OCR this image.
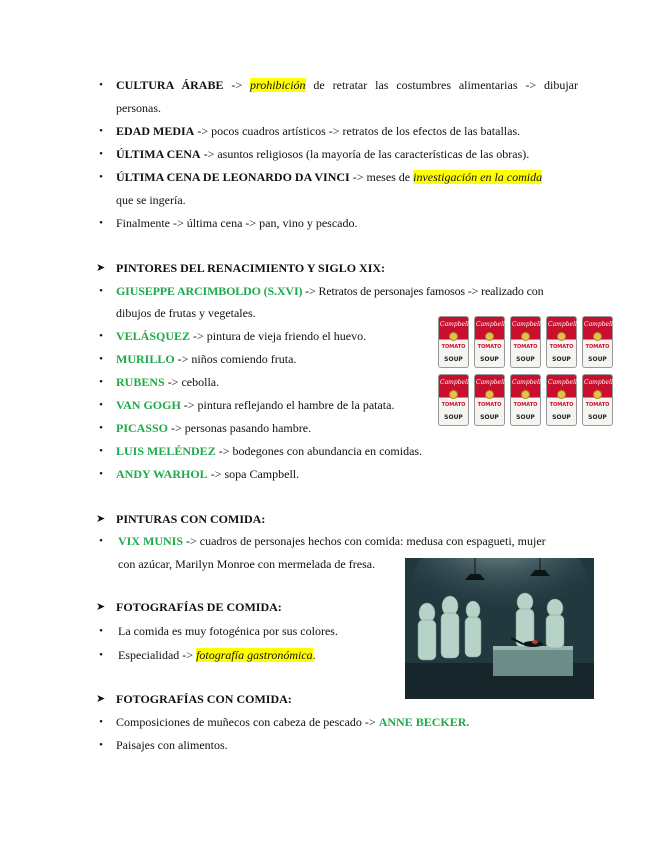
• CULTURA ÁRABE -> prohibición de retratar las costumbres alimentarias -> dibujar
personas.
• EDAD MEDIA -> pocos cuadros artísticos -> retratos de los efectos de las batallas.
• ÚLTIMA CENA -> asuntos religiosos (la mayoría de las características de las obras).
• ÚLTIMA CENA DE LEONARDO DA VINCI -> meses de investigación en la comida
que se ingería.
• Finalmente -> última cena -> pan, vino y pescado.
➤ PINTORES DEL RENACIMIENTO Y SIGLO XIX:
• GIUSEPPE ARCIMBOLDO (S.XVI) -> Retratos de personajes famosos -> realizado con
dibujos de frutas y vegetales.
• VELÁSQUEZ -> pintura de vieja friendo el huevo.
• MURILLO -> niños comiendo fruta.
• RUBENS -> cebolla.
• VAN GOGH -> pintura reflejando el hambre de la patata.
• PICASSO -> personas pasando hambre.
• LUIS MELÉNDEZ -> bodegones con abundancia en comidas.
• ANDY WARHOL -> sopa Campbell.
Campbell's
TOMATO
SOUP
Campbell's
TOMATO
SOUP
Campbell's
TOMATO
SOUP
Campbell's
TOMATO
SOUP
Campbell's
TOMATO
SOUP
Campbell's
TOMATO
SOUP
Campbell's
TOMATO
SOUP
Campbell's
TOMATO
SOUP
Campbell's
TOMATO
SOUP
Campbell's
TOMATO
SOUP
➤ PINTURAS CON COMIDA:
• VIX MUNIS -> cuadros de personajes hechos con comida: medusa con espagueti, mujer
con azúcar, Marilyn Monroe con mermelada de fresa.
➤ FOTOGRAFÍAS DE COMIDA:
• La comida es muy fotogénica por sus colores.
• Especialidad -> fotografía gastronómica.
➤ FOTOGRAFÍAS CON COMIDA:
• Composiciones de muñecos con cabeza de pescado -> ANNE BECKER.
• Paisajes con alimentos.
